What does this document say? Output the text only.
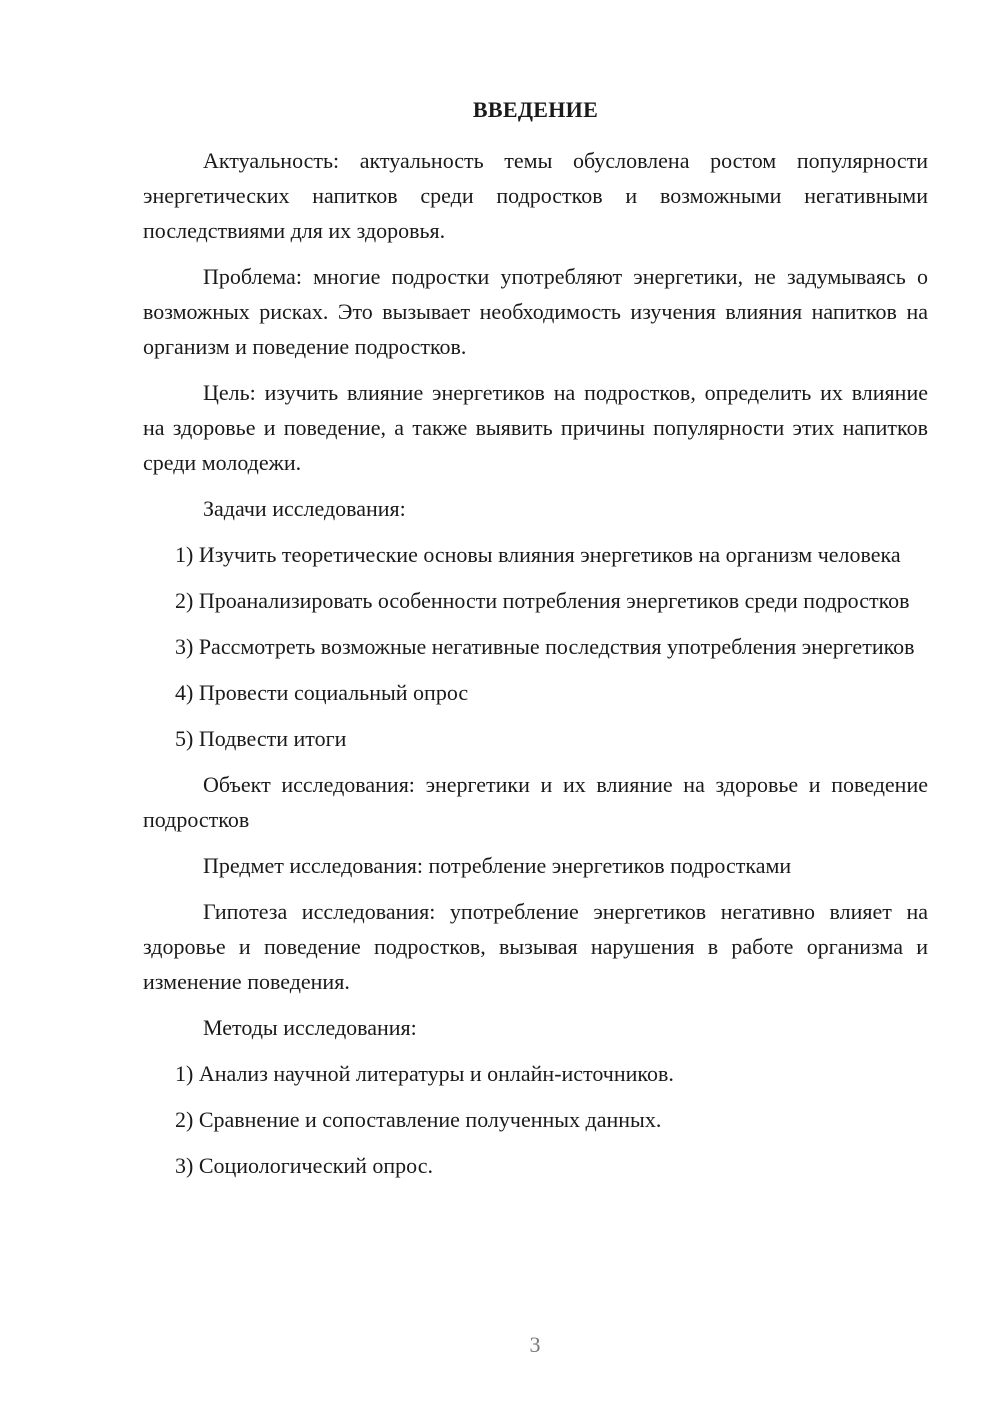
ВВЕДЕНИЕ

Актуальность: актуальность темы обусловлена ростом популярности энергетических напитков среди подростков и возможными негативными последствиями для их здоровья.

Проблема: многие подростки употребляют энергетики, не задумываясь о возможных рисках. Это вызывает необходимость изучения влияния напитков на организм и поведение подростков.

Цель: изучить влияние энергетиков на подростков, определить их влияние на здоровье и поведение, а также выявить причины популярности этих напитков среди молодежи.

Задачи исследования:

1) Изучить теоретические основы влияния энергетиков на организм человека

2) Проанализировать особенности потребления энергетиков среди подростков

3) Рассмотреть возможные негативные последствия употребления энергетиков

4) Провести социальный опрос

5) Подвести итоги

Объект исследования: энергетики и их влияние на здоровье и поведение подростков

Предмет исследования: потребление энергетиков подростками

Гипотеза исследования: употребление энергетиков негативно влияет на здоровье и поведение подростков, вызывая нарушения в работе организма и изменение поведения.

Методы исследования:

1) Анализ научной литературы и онлайн-источников.

2) Сравнение и сопоставление полученных данных.

3) Социологический опрос.

3
